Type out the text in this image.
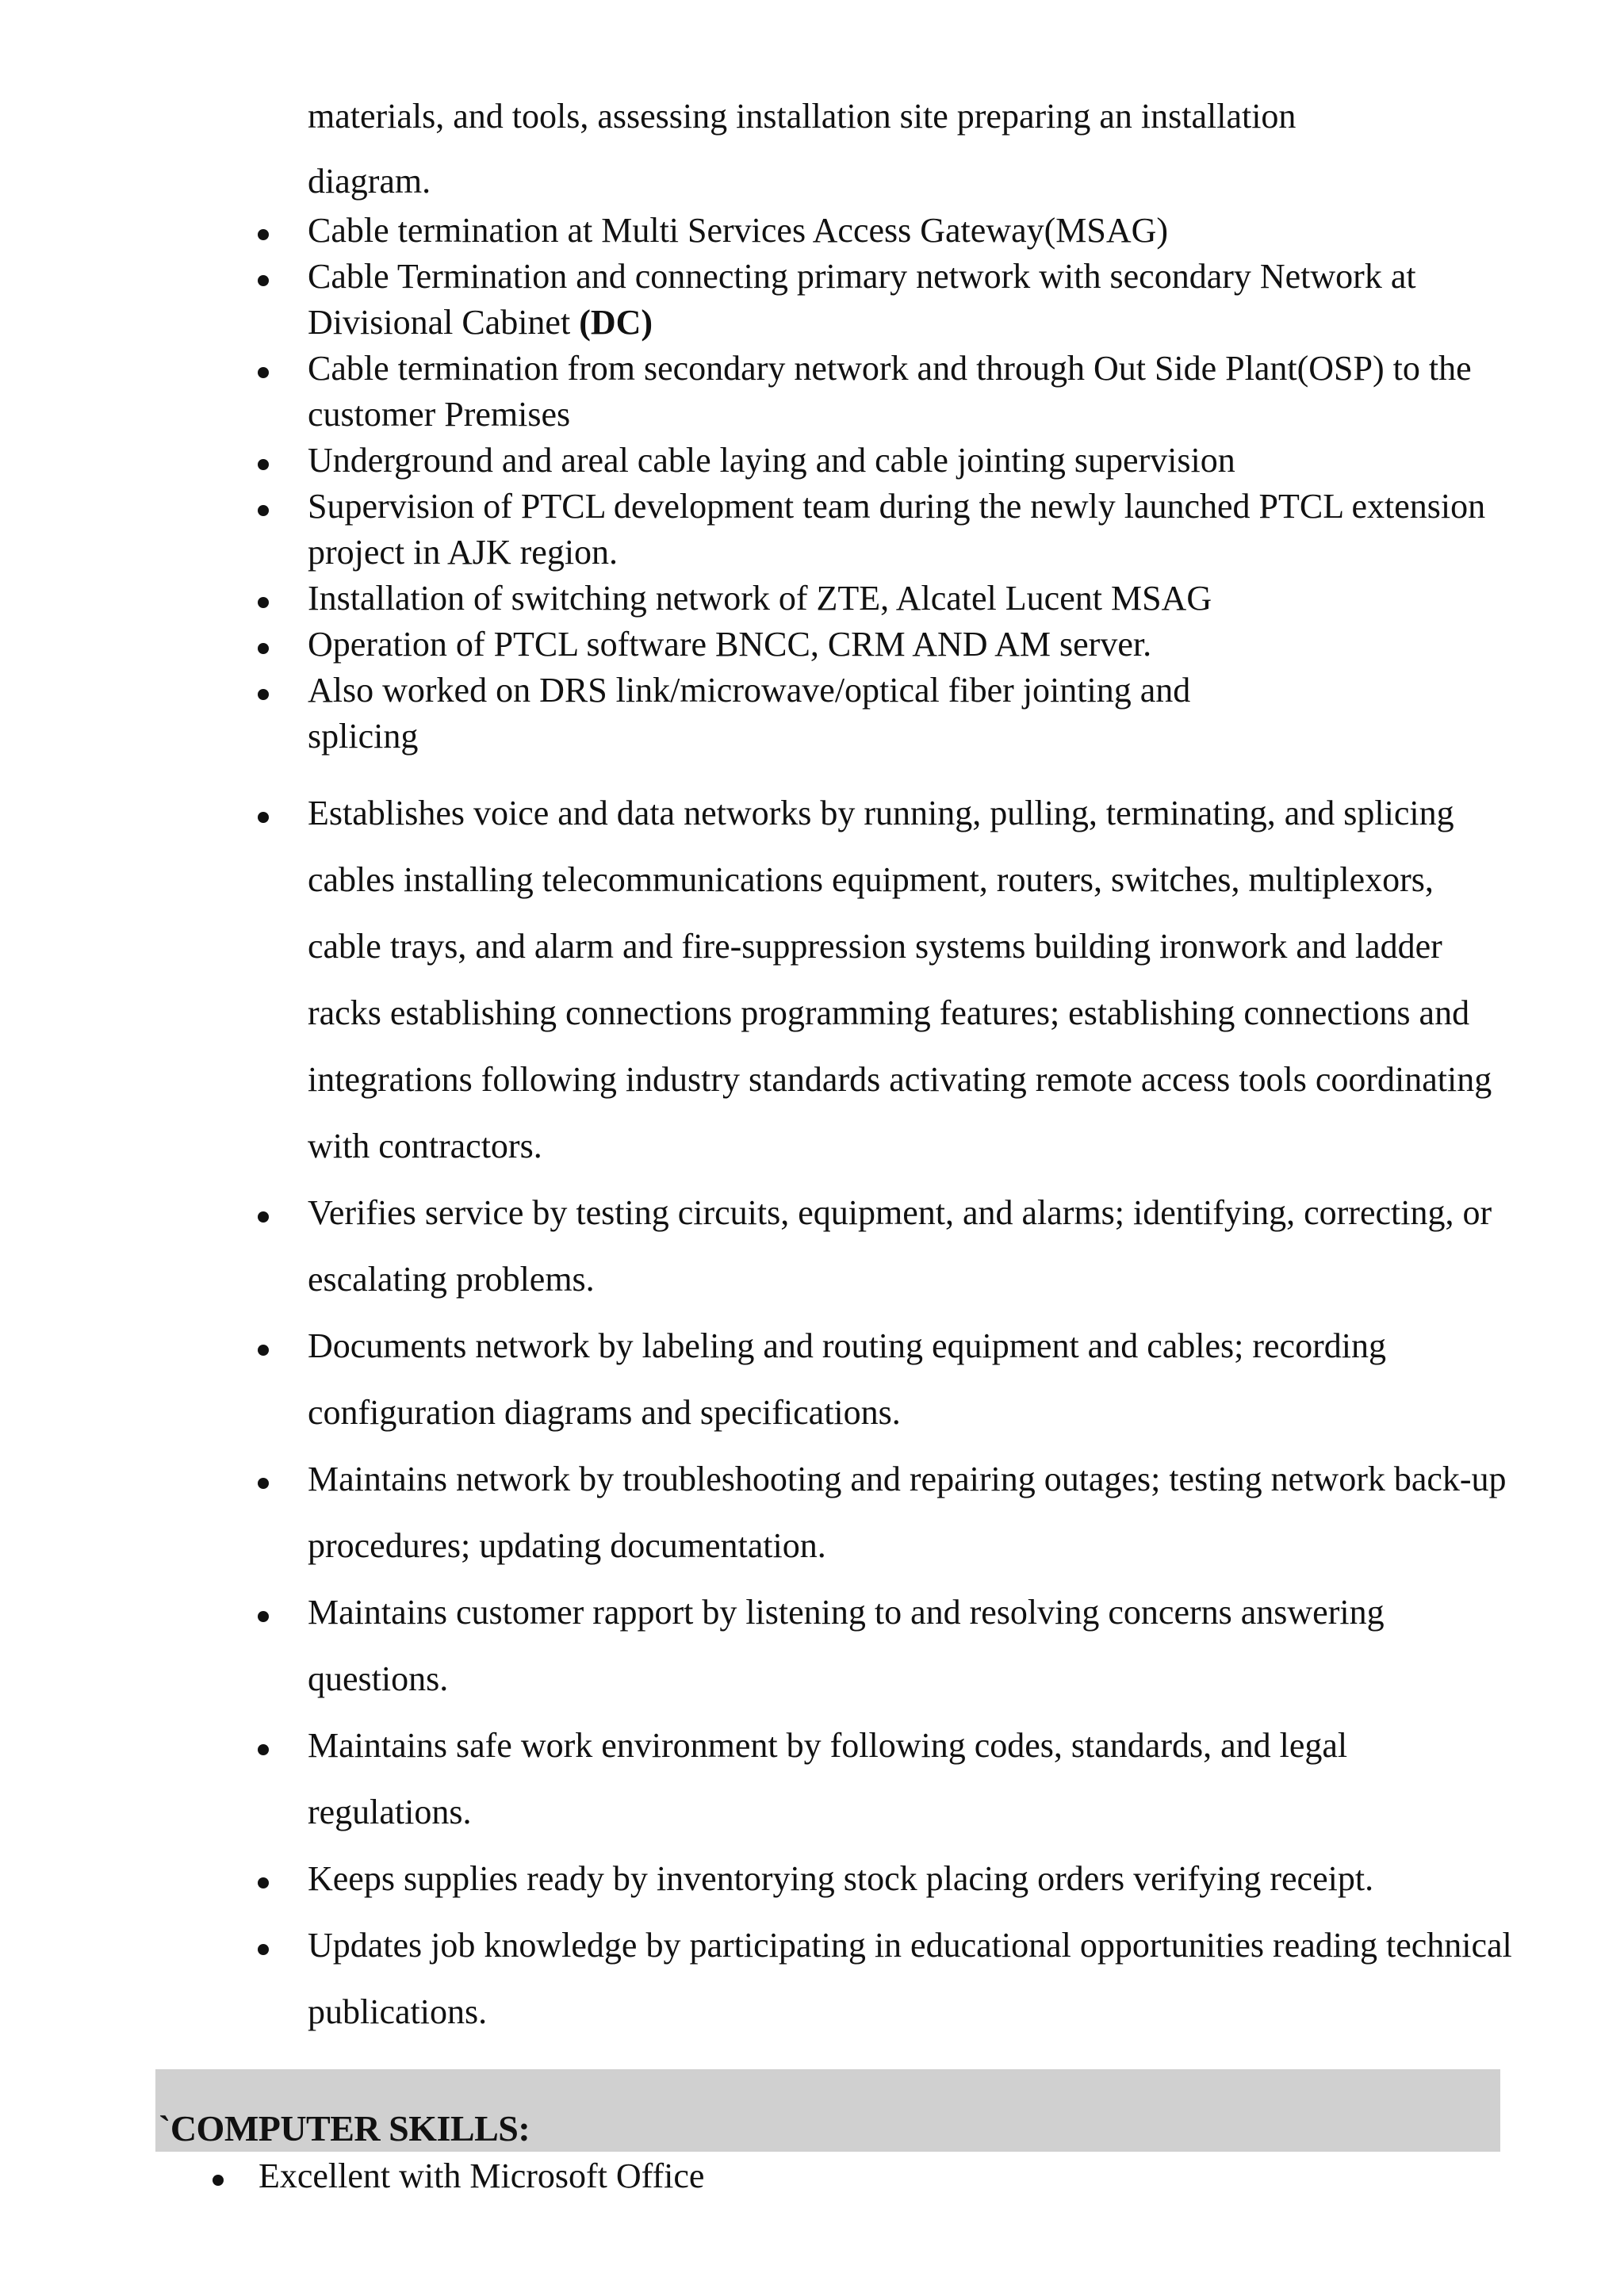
materials, and tools, assessing installation site preparing an installation
diagram.
Cable termination at Multi Services Access Gateway(MSAG)
Cable Termination and connecting primary network with secondary Network at Divisional Cabinet (DC)
Cable termination from secondary network and through Out Side Plant(OSP) to the customer Premises
Underground and areal cable laying and cable jointing supervision
Supervision of PTCL development team during the newly launched PTCL extension project in AJK region.
Installation of switching network of ZTE, Alcatel Lucent MSAG
Operation of PTCL software BNCC, CRM AND AM server.
Also worked on DRS link/microwave/optical fiber jointing and splicing
Establishes voice and data networks by running, pulling, terminating, and splicing cables installing telecommunications equipment, routers, switches, multiplexors, cable trays, and alarm and fire-suppression systems building ironwork and ladder racks establishing connections programming features; establishing connections and integrations following industry standards activating remote access tools coordinating with contractors.
Verifies service by testing circuits, equipment, and alarms; identifying, correcting, or escalating problems.
Documents network by labeling and routing equipment and cables; recording configuration diagrams and specifications.
Maintains network by troubleshooting and repairing outages; testing network back-up procedures; updating documentation.
Maintains customer rapport by listening to and resolving concerns answering questions.
Maintains safe work environment by following codes, standards, and legal regulations.
Keeps supplies ready by inventorying stock placing orders verifying receipt.
Updates job knowledge by participating in educational opportunities reading technical publications.
`COMPUTER SKILLS:
Excellent with Microsoft Office
